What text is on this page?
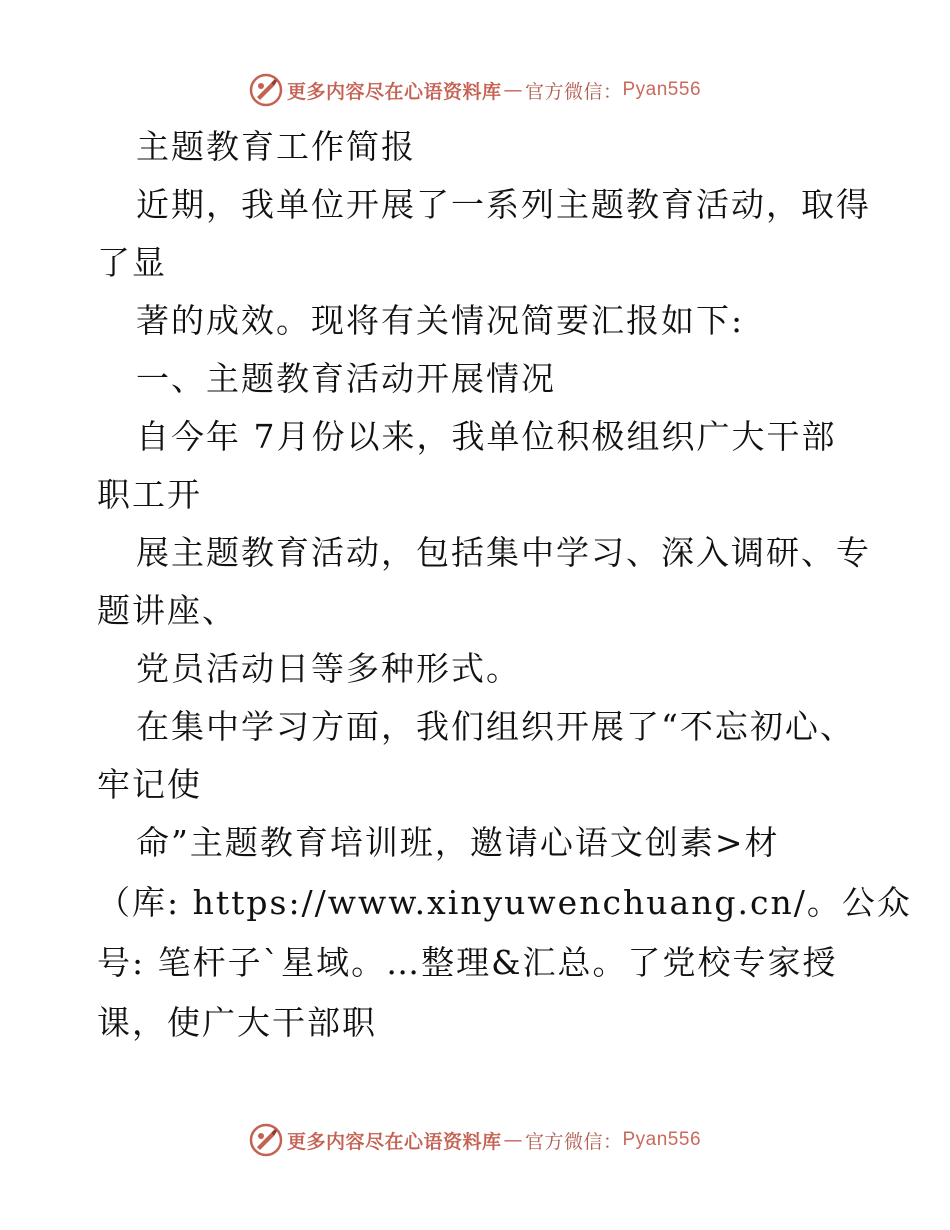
更多内容尽在心语资料库 — 官方微信： Pyan556
主题教育工作简报
近期，我单位开展了一系列主题教育活动，取得
了显
著的成效。现将有关情况简要汇报如下:
一、主题教育活动开展情况
自今年 7月份以来，我单位积极组织广大干部
职工开
展主题教育活动，包括集中学习、深入调研、专
题讲座、
党员活动日等多种形式。
在集中学习方面，我们组织开展了“不忘初心、
牢记使
命”主题教育培训班，邀请心语文创素>材
（库: https://www.xinyuwenchuang.cn/。公众
号: 笔杆子`星域。…整理&汇总。了党校专家授
课，使广大干部职
更多内容尽在心语资料库 — 官方微信： Pyan556
